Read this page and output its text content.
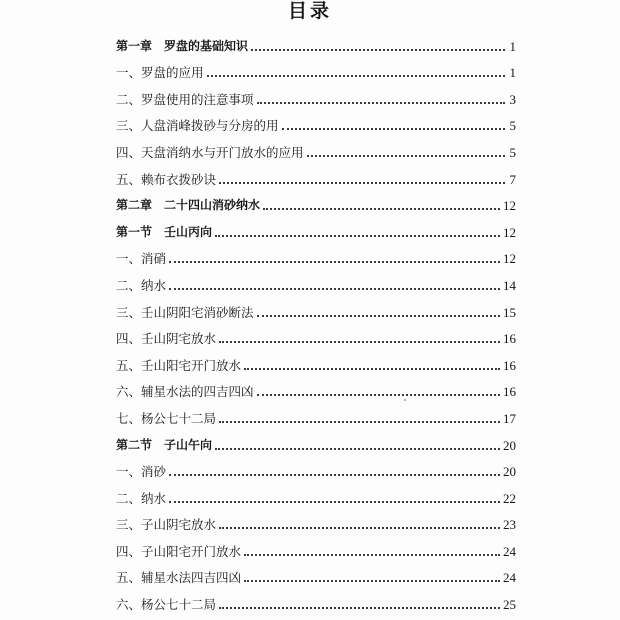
目录
第一章　罗盘的基础知识	1
一、罗盘的应用	1
二、罗盘使用的注意事项	3
三、人盘消峰拨砂与分房的用	5
四、天盘消纳水与开门放水的应用	5
五、赖布衣拨砂诀	7
第二章　二十四山消砂纳水	12
第一节　壬山丙向	12
一、消硝	12
二、纳水	14
三、壬山阴阳宅消砂断法	15
四、壬山阴宅放水	16
五、壬山阳宅开门放水	16
六、辅星水法的四吉四凶	16
七、杨公七十二局	17
第二节　子山午向	20
一、消砂	20
二、纳水	22
三、子山阴宅放水	23
四、子山阳宅开门放水	24
五、辅星水法四吉四凶	24
六、杨公七十二局	25
